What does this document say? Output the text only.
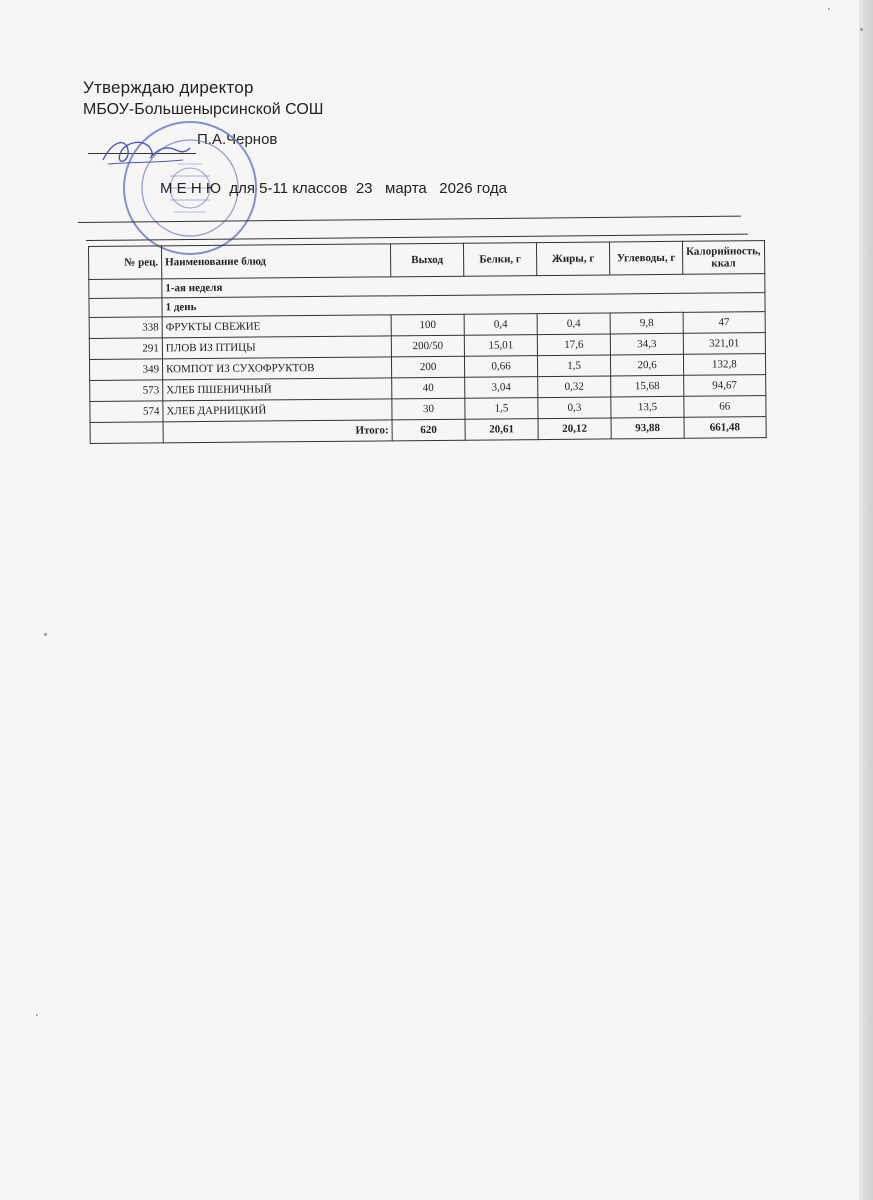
Утверждаю директор
МБОУ-Большенырсинской СОШ
П.А.Чернов
М Е Н Ю  для 5-11 классов  23   марта   2026 года
№ рец.	Наименование блюд	Выход	Белки, г	Жиры, г	Углеводы, г	Калорийность, ккал
	1-ая неделя					
	1 день					
338	ФРУКТЫ СВЕЖИЕ	100	0,4	0,4	9,8	47
291	ПЛОВ ИЗ ПТИЦЫ	200/50	15,01	17,6	34,3	321,01
349	КОМПОТ ИЗ СУХОФРУКТОВ	200	0,66	1,5	20,6	132,8
573	ХЛЕБ ПШЕНИЧНЫЙ	40	3,04	0,32	15,68	94,67
574	ХЛЕБ ДАРНИЦКИЙ	30	1,5	0,3	13,5	66
	Итого:	620	20,61	20,12	93,88	661,48
